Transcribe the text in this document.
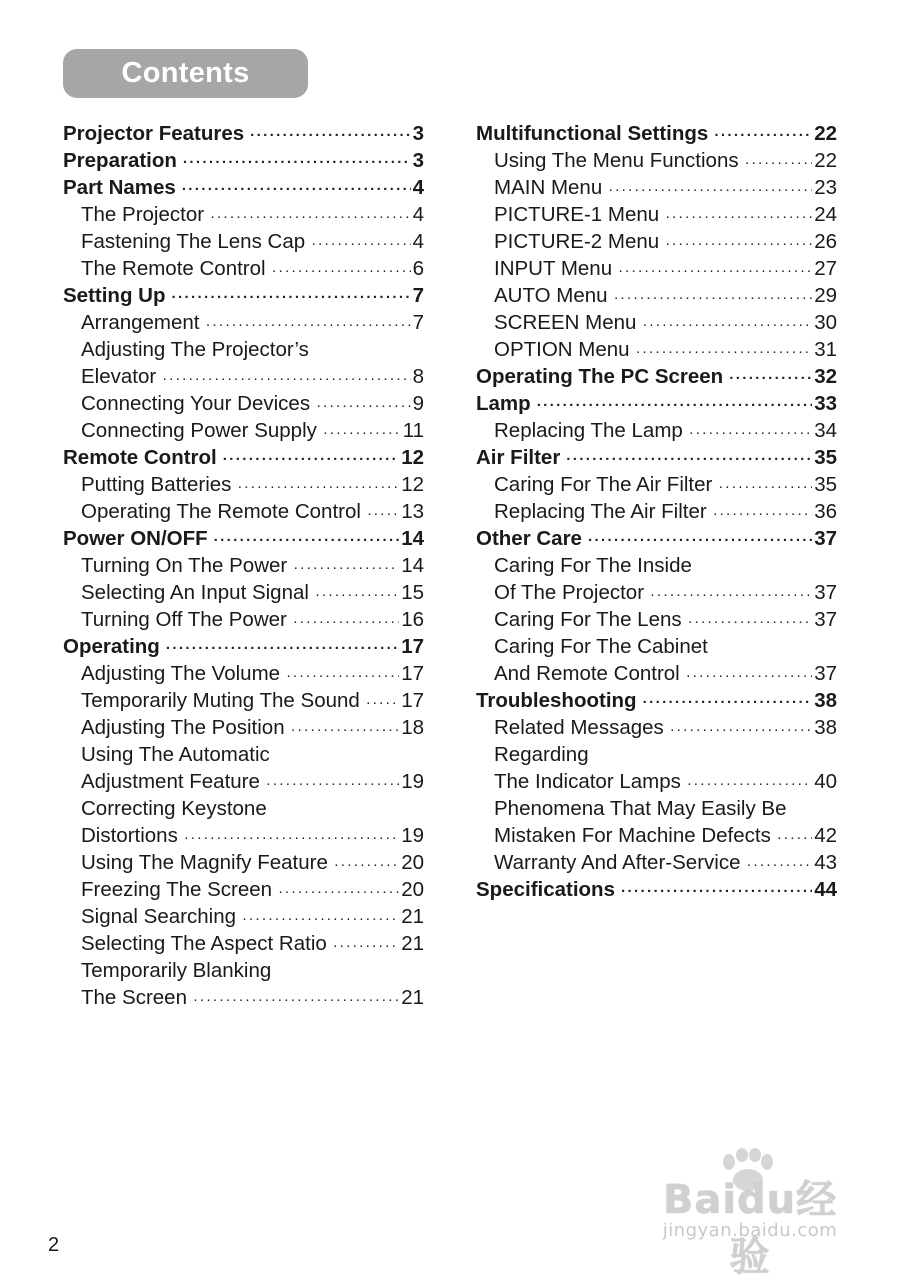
Contents
Projector Features ·····	3
Preparation ·····	3
Part Names ·····	4
The Projector ·····	4
Fastening The Lens Cap ·····	4
The Remote Control ·····	6
Setting Up ·····	7
Arrangement ·····	7
Adjusting The Projector’s
Elevator ·····	8
Connecting Your Devices ·····	9
Connecting Power Supply ·····	11
Remote Control ·····	12
Putting Batteries ·····	12
Operating The Remote Control ····· 13
Power ON/OFF ·····	14
Turning On The Power ·····	14
Selecting An Input Signal ·····	15
Turning Off The Power ·····	16
Operating ·····	17
Adjusting The Volume ·····	17
Temporarily Muting The Sound ····· 17
Adjusting The Position ·····	18
Using The Automatic
Adjustment Feature ·····	19
Correcting Keystone
Distortions ·····	19
Using The Magnify Feature ·····	20
Freezing The Screen ·····	20
Signal Searching ·····	21
Selecting The Aspect Ratio ·····	21
Temporarily Blanking
The Screen ·····	21
Multifunctional Settings ·····	22
Using The Menu Functions ·····	22
MAIN Menu ·····	23
PICTURE-1 Menu ·····	24
PICTURE-2 Menu ·····	26
INPUT Menu ·····	27
AUTO Menu ·····	29
SCREEN Menu ·····	30
OPTION Menu ·····	31
Operating The PC Screen ·····	32
Lamp ·····	33
Replacing The Lamp ·····	34
Air Filter ·····	35
Caring For The Air Filter ·····	35
Replacing The Air Filter ·····	36
Other Care ·····	37
Caring For The Inside
Of The Projector ·····	37
Caring For The Lens ·····	37
Caring For The Cabinet
And Remote Control ·····	37
Troubleshooting ·····	38
Related Messages ·····	38
Regarding
The Indicator Lamps ·····	40
Phenomena That May Easily Be
Mistaken For Machine Defects ····· 42
Warranty And After-Service ·····	43
Specifications ·····	44
2
Baidu经验
jingyan.baidu.com
